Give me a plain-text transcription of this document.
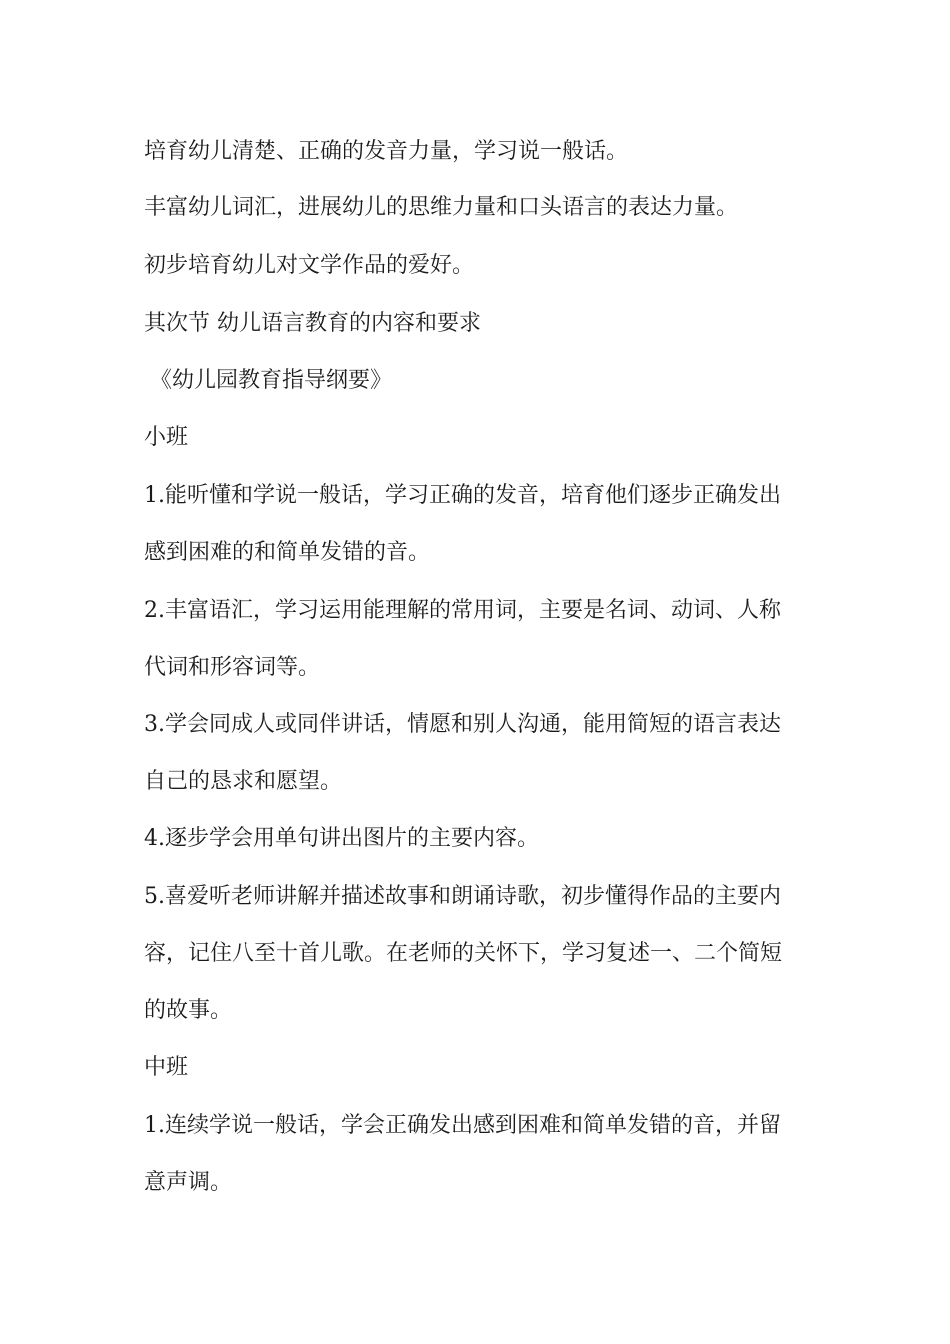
培育幼儿清楚、正确的发音力量，学习说一般话。
丰富幼儿词汇，进展幼儿的思维力量和口头语言的表达力量。
初步培育幼儿对文学作品的爱好。
其次节 幼儿语言教育的内容和要求
《幼儿园教育指导纲要》
小班
1.能听懂和学说一般话，学习正确的发音，培育他们逐步正确发出
感到困难的和简单发错的音。
2.丰富语汇，学习运用能理解的常用词，主要是名词、动词、人称
代词和形容词等。
3.学会同成人或同伴讲话，情愿和别人沟通，能用简短的语言表达
自己的恳求和愿望。
4.逐步学会用单句讲出图片的主要内容。
5.喜爱听老师讲解并描述故事和朗诵诗歌，初步懂得作品的主要内
容，记住八至十首儿歌。在老师的关怀下，学习复述一、二个简短
的故事。
中班
1.连续学说一般话，学会正确发出感到困难和简单发错的音，并留
意声调。
